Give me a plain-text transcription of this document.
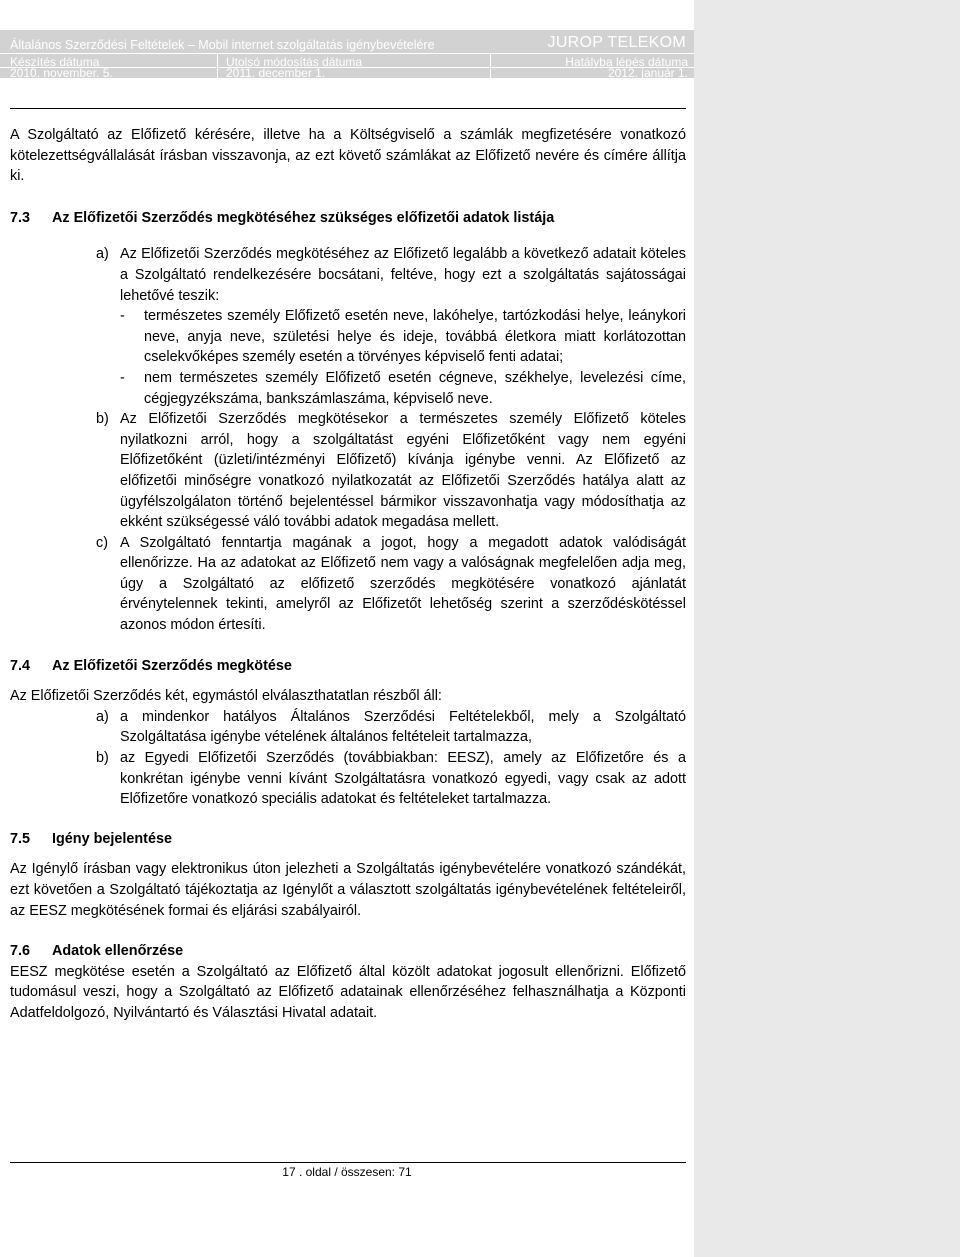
Általános Szerződési Feltételek – Mobil internet szolgáltatás igénybevételére	JUROP TELEKOM
Készítés dátuma	Utolsó módosítás dátuma	Hatályba lépés dátuma
2010. november. 5.	2011. december 1.	2012. január 1.

A Szolgáltató az Előfizető kérésére, illetve ha a Költségviselő a számlák megfizetésére vonatkozó kötelezettségvállalását írásban visszavonja, az ezt követő számlákat az Előfizető nevére és címére állítja ki.

7.3	Az Előfizetői Szerződés megkötéséhez szükséges előfizetői adatok listája
a) Az Előfizetői Szerződés megkötéséhez az Előfizető legalább a következő adatait köteles a Szolgáltató rendelkezésére bocsátani, feltéve, hogy ezt a szolgáltatás sajátosságai lehetővé teszik:

-	természetes személy Előfizető esetén neve, lakóhelye, tartózkodási helye, leánykori neve, anyja neve, születési helye és ideje, továbbá életkora miatt korlátozottan cselekvőképes személy esetén a törvényes képviselő fenti adatai;
-	nem természetes személy Előfizető esetén cégneve, székhelye, levelezési címe, cégjegyzékszáma, bankszámlaszáma, képviselő neve.
b) Az Előfizetői Szerződés megkötésekor a természetes személy Előfizető köteles nyilatkozni arról, hogy a szolgáltatást egyéni Előfizetőként vagy nem egyéni Előfizetőként (üzleti/intézményi Előfizető) kívánja igénybe venni. Az Előfizető az előfizetői minőségre vonatkozó nyilatkozatát az Előfizetői Szerződés hatálya alatt az ügyfélszolgálaton történő bejelentéssel bármikor visszavonhatja vagy módosíthatja az ekként szükségessé váló további adatok megadása mellett.

c) A Szolgáltató fenntartja magának a jogot, hogy a megadott adatok valódiságát ellenőrizze. Ha az adatokat az Előfizető nem vagy a valóságnak megfelelően adja meg, úgy a Szolgáltató az előfizető szerződés megkötésére vonatkozó ajánlatát érvénytelennek tekinti, amelyről az Előfizetőt lehetőség szerint a szerződéskötéssel azonos módon értesíti.

7.4	Az Előfizetői Szerződés megkötése

Az Előfizetői Szerződés két, egymástól elválaszthatatlan részből áll:

a) a mindenkor hatályos Általános Szerződési Feltételekből, mely a Szolgáltató Szolgáltatása igénybe vételének általános feltételeit tartalmazza,

b) az Egyedi Előfizetői Szerződés (továbbiakban: EESZ), amely az Előfizetőre és a konkrétan igénybe venni kívánt Szolgáltatásra vonatkozó egyedi, vagy csak az adott Előfizetőre vonatkozó speciális adatokat és feltételeket tartalmazza.

7.5	Igény bejelentése

Az Igénylő írásban vagy elektronikus úton jelezheti a Szolgáltatás igénybevételére vonatkozó szándékát, ezt követően a Szolgáltató tájékoztatja az Igénylőt a választott szolgáltatás igénybevételének feltételeiről, az EESZ megkötésének formai és eljárási szabályairól.

7.6	Adatok ellenőrzése

EESZ megkötése esetén a Szolgáltató az Előfizető által közölt adatokat jogosult ellenőrizni. Előfizető tudomásul veszi, hogy a Szolgáltató az Előfizető adatainak ellenőrzéséhez felhasználhatja a Központi Adatfeldolgozó, Nyilvántartó és Választási Hivatal adatait.

17 . oldal / összesen: 71
